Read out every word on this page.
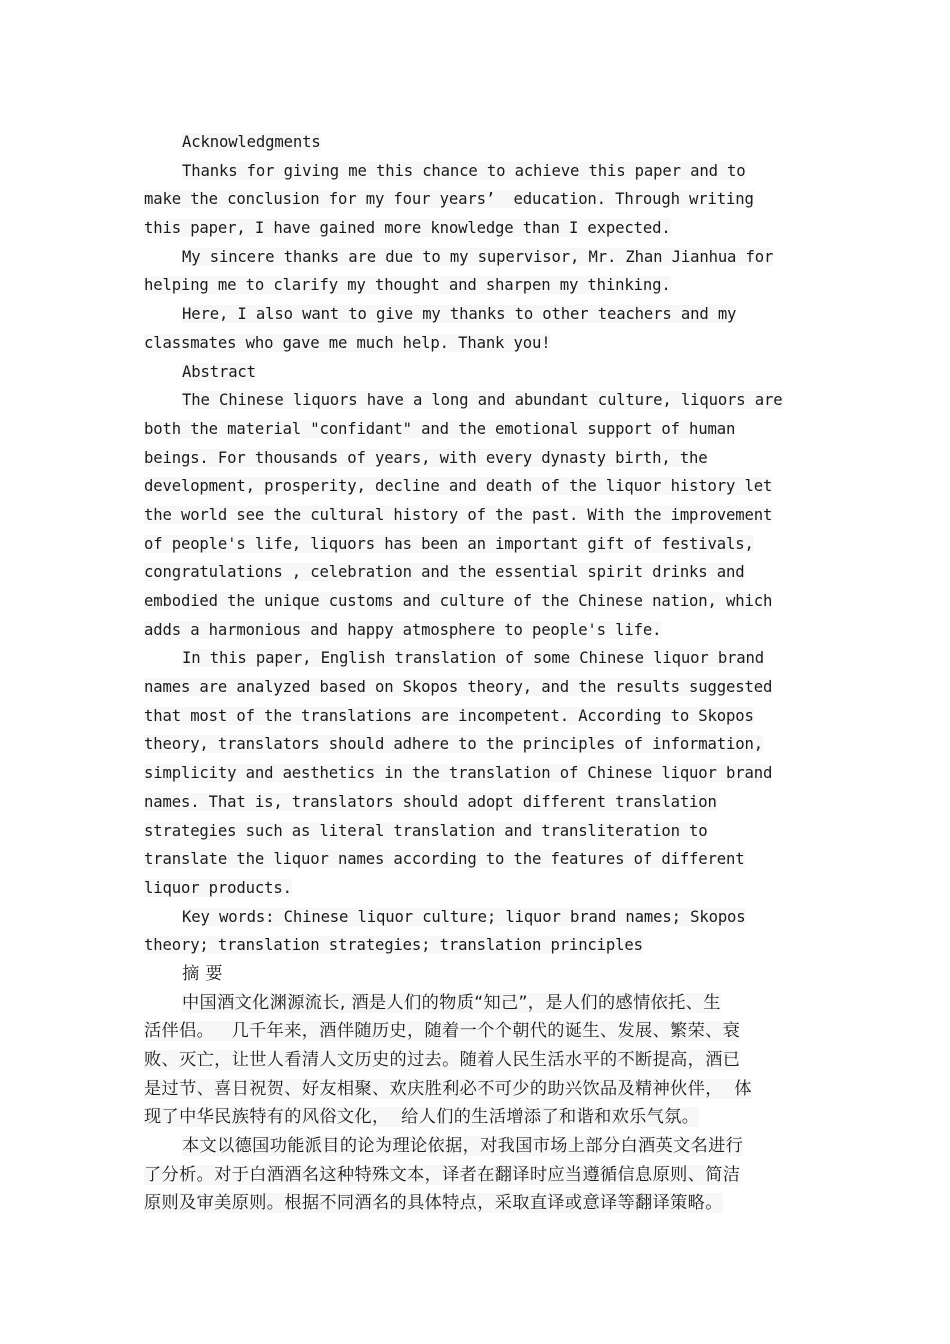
Acknowledgments
Thanks for giving me this chance to achieve this paper and to
make the conclusion for my four years’  education. Through writing
this paper, I have gained more knowledge than I expected.
My sincere thanks are due to my supervisor, Mr. Zhan Jianhua for
helping me to clarify my thought and sharpen my thinking.
Here, I also want to give my thanks to other teachers and my
classmates who gave me much help. Thank you!
Abstract
The Chinese liquors have a long and abundant culture, liquors are
both the material "confidant" and the emotional support of human
beings. For thousands of years, with every dynasty birth, the
development, prosperity, decline and death of the liquor history let
the world see the cultural history of the past. With the improvement
of people's life, liquors has been an important gift of festivals,
congratulations , celebration and the essential spirit drinks and
embodied the unique customs and culture of the Chinese nation, which
adds a harmonious and happy atmosphere to people's life.
In this paper, English translation of some Chinese liquor brand
names are analyzed based on Skopos theory, and the results suggested
that most of the translations are incompetent. According to Skopos
theory, translators should adhere to the principles of information,
simplicity and aesthetics in the translation of Chinese liquor brand
names. That is, translators should adopt different translation
strategies such as literal translation and transliteration to
translate the liquor names according to the features of different
liquor products.
Key words: Chinese liquor culture; liquor brand names; Skopos
theory; translation strategies; translation principles
摘 要
中国酒文化渊源流长, 酒是人们的物质“知己”，是人们的感情依托、生
活伴侣。   几千年来，酒伴随历史，随着一个个朝代的诞生、发展、繁荣、衰
败、灭亡，让世人看清人文历史的过去。随着人民生活水平的不断提高，酒已
是过节、喜日祝贺、好友相聚、欢庆胜利必不可少的助兴饮品及精神伙伴，  体
现了中华民族特有的风俗文化，  给人们的生活增添了和谐和欢乐气氛。
本文以德国功能派目的论为理论依据，对我国市场上部分白酒英文名进行
了分析。对于白酒酒名这种特殊文本，译者在翻译时应当遵循信息原则、简洁
原则及审美原则。根据不同酒名的具体特点，采取直译或意译等翻译策略。
